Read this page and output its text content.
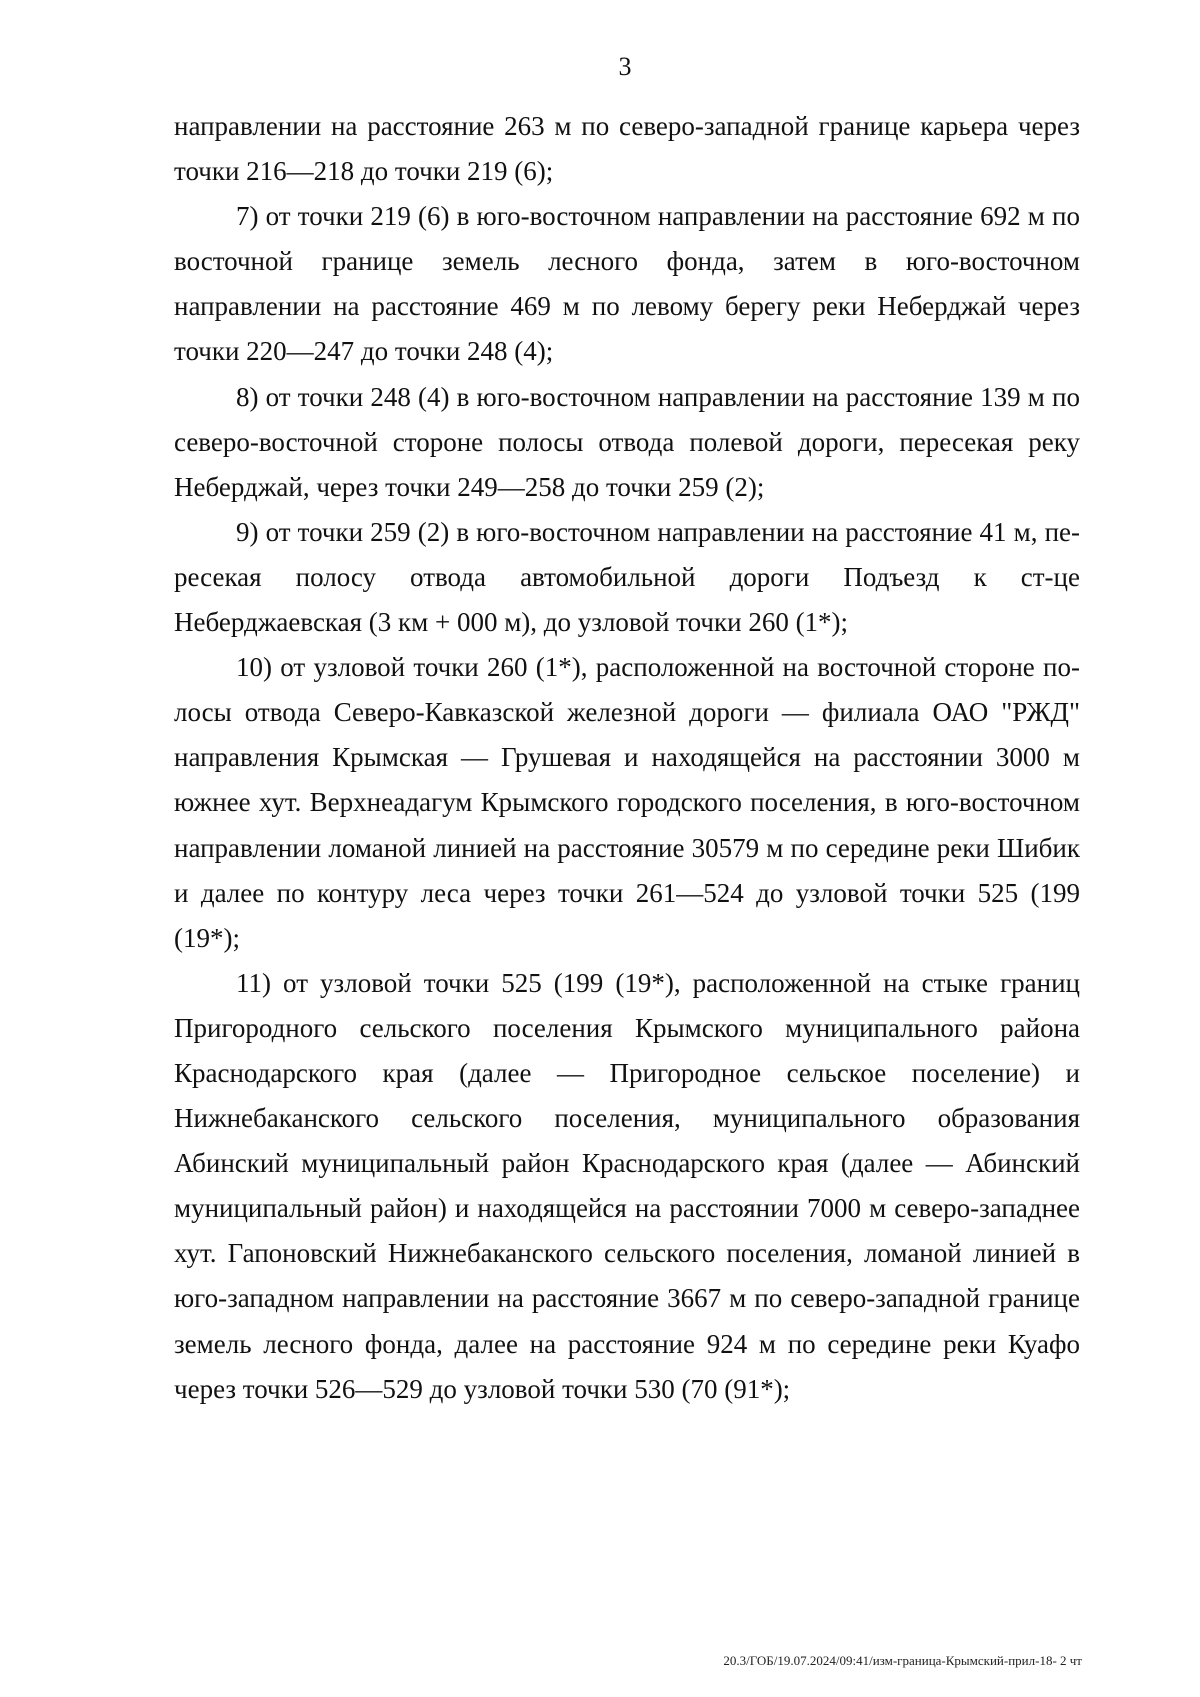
3

направлении на расстояние 263 м по северо-западной границе карьера через точки 216—218 до точки 219 (6);

7) от точки 219 (6) в юго-восточном направлении на расстояние 692 м по восточной границе земель лесного фонда, затем в юго-восточном направлении на расстояние 469 м по левому берегу реки Неберджай через точки 220—247 до точки 248 (4);

8) от точки 248 (4) в юго-восточном направлении на расстояние 139 м по северо-восточной стороне полосы отвода полевой дороги, пересекая реку Неберджай, через точки 249—258 до точки 259 (2);

9) от точки 259 (2) в юго-восточном направлении на расстояние 41 м, пересекая полосу отвода автомобильной дороги Подъезд к ст-це Неберджаевская (3 км + 000 м), до узловой точки 260 (1*);

10) от узловой точки 260 (1*), расположенной на восточной стороне полосы отвода Северо-Кавказской железной дороги — филиала ОАО "РЖД" направления Крымская — Грушевая и находящейся на расстоянии 3000 м южнее хут. Верхнеадагум Крымского городского поселения, в юго-восточном направлении ломаной линией на расстояние 30579 м по середине реки Шибик и далее по контуру леса через точки 261—524 до узловой точки 525 (199 (19*);

11) от узловой точки 525 (199 (19*), расположенной на стыке границ Пригородного сельского поселения Крымского муниципального района Краснодарского края (далее — Пригородное сельское поселение) и Нижнебаканского сельского поселения, муниципального образования Абинский муниципальный район Краснодарского края (далее — Абинский муниципальный район) и находящейся на расстоянии 7000 м северо-западнее хут. Гапоновский Нижнебаканского сельского поселения, ломаной линией в юго-западном направлении на расстояние 3667 м по северо-западной границе земель лесного фонда, далее на расстояние 924 м по середине реки Куафо через точки 526—529 до узловой точки 530 (70 (91*);

20.3/ГОБ/19.07.2024/09:41/изм-граница-Крымский-прил-18- 2 чт
